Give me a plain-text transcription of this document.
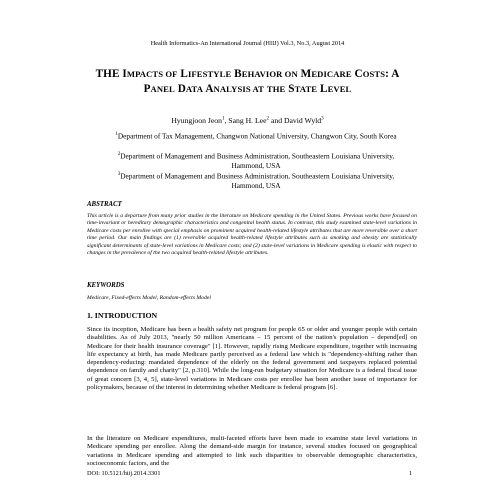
Health Informatics-An International Journal (HIIJ) Vol.3, No.3, August 2014
THE IMPACTS OF LIFESTYLE BEHAVIOR ON MEDICARE COSTS: A PANEL DATA ANALYSIS AT THE STATE LEVEL
Hyungjoon Jeon$^1$, Sang H. Lee$^2$ and David Wyld$^3$
$^1$Department of Tax Management, Changwon National University, Changwon City, South Korea
$^2$Department of Management and Business Administration, Southeastern Louisiana University, Hammond, USA
$^3$Department of Management and Business Administration, Southeastern Louisiana University, Hammond, USA
ABSTRACT
This article is a departure from many prior studies in the literature on Medicare spending in the United States. Previous works have focused on time-invariant or hereditary demographic characteristics and congenital health status. In contrast, this study examined state-level variations in Medicare costs per enrollee with special emphasis on prominent acquired health-related lifestyle attributes that are more reversible over a short time period. Our main findings are (1) reversible acquired health-related lifestyle attributes such as smoking and obesity are statistically significant determinants of state-level variations in Medicare costs; and (2) state-level variations in Medicare spending is elastic with respect to changes in the prevalence of the two acquired health-related lifestyle attributes.
KEYWORDS
Medicare, Fixed-effects Model, Random-effects Model
1. INTRODUCTION
Since its inception, Medicare has been a health safety net program for people 65 or older and younger people with certain disabilities. As of July 2013, "nearly 50 million Americans – 15 percent of the nation's population – depend[ed] on Medicare for their health insurance coverage" [1]. However, rapidly rising Medicare expenditure, together with increasing life expectancy at birth, has made Medicare partly perceived as a federal law which is "dependency-shifting rather than dependency-reducing: mandated dependence of the elderly on the federal government and taxpayers replaced potential dependence on family and charity" [2, p.310]. While the long-run budgetary situation for Medicare is a federal fiscal issue of great concern [3, 4, 5], state-level variations in Medicare costs per enrollee has been another issue of importance for policymakers, because of the interest in determining whether Medicare is federal program [6].
In the literature on Medicare expenditures, multi-faceted efforts have been made to examine state level variations in Medicare spending per enrollee. Along the demand-side margin for instance, several studies focused on geographical variations in Medicare spending and attempted to link such disparities to observable demographic characteristics, socioeconomic factors, and the
DOI: 10.5121/hiij.2014.3301	1
